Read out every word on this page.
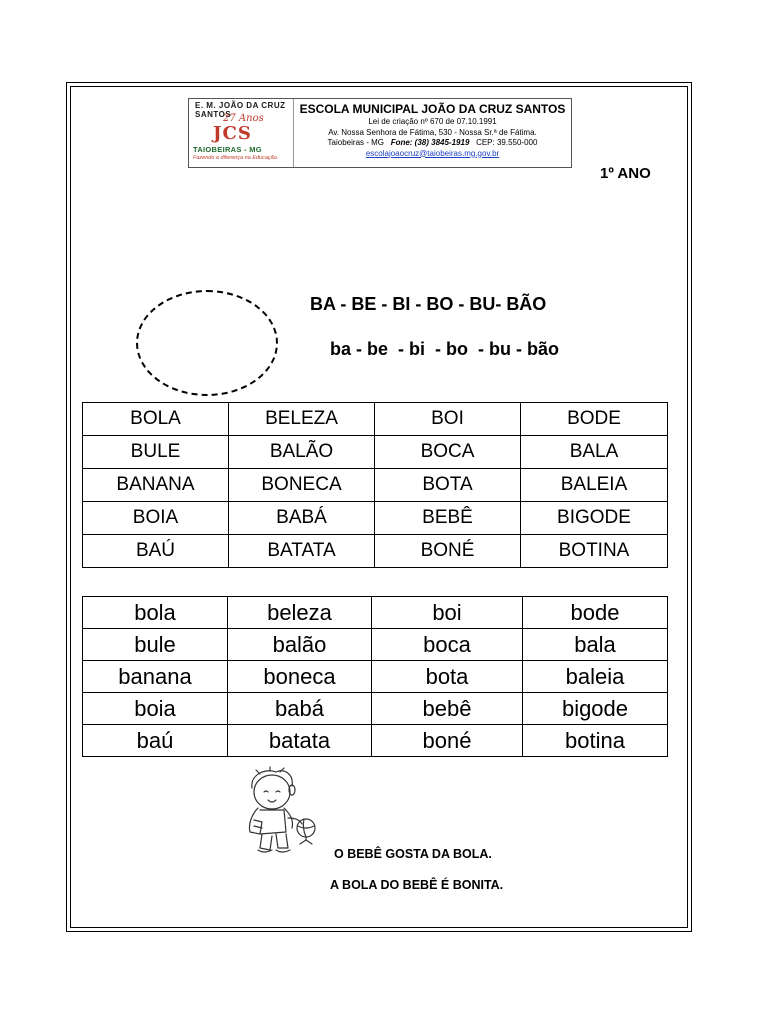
E. M. JOÃO DA CRUZ SANTOS
27 Anos
JCS
TAIOBEIRAS - MG
Fazendo a diferença na Educação.
ESCOLA MUNICIPAL JOÃO DA CRUZ SANTOS
Lei de criação nº 670 de 07.10.1991
Av. Nossa Senhora de Fátima, 530 - Nossa Sr.ª de Fátima.
Taiobeiras - MG Fone: (38) 3845-1919 CEP: 39.550-000
escolajoaocruz@taiobeiras.mg.gov.br
1º ANO
BA - BE - BI - BO - BU- BÃO
ba - be  - bi  - bo  - bu - bão
BOLA	BELEZA	BOI	BODE
BULE	BALÃO	BOCA	BALA
BANANA	BONECA	BOTA	BALEIA
BOIA	BABÁ	BEBÊ	BIGODE
BAÚ	BATATA	BONÉ	BOTINA
bola	beleza	boi	bode
bule	balão	boca	bala
banana	boneca	bota	baleia
boia	babá	bebê	bigode
baú	batata	boné	botina
O BEBÊ GOSTA DA BOLA.
A BOLA DO BEBÊ É BONITA.
